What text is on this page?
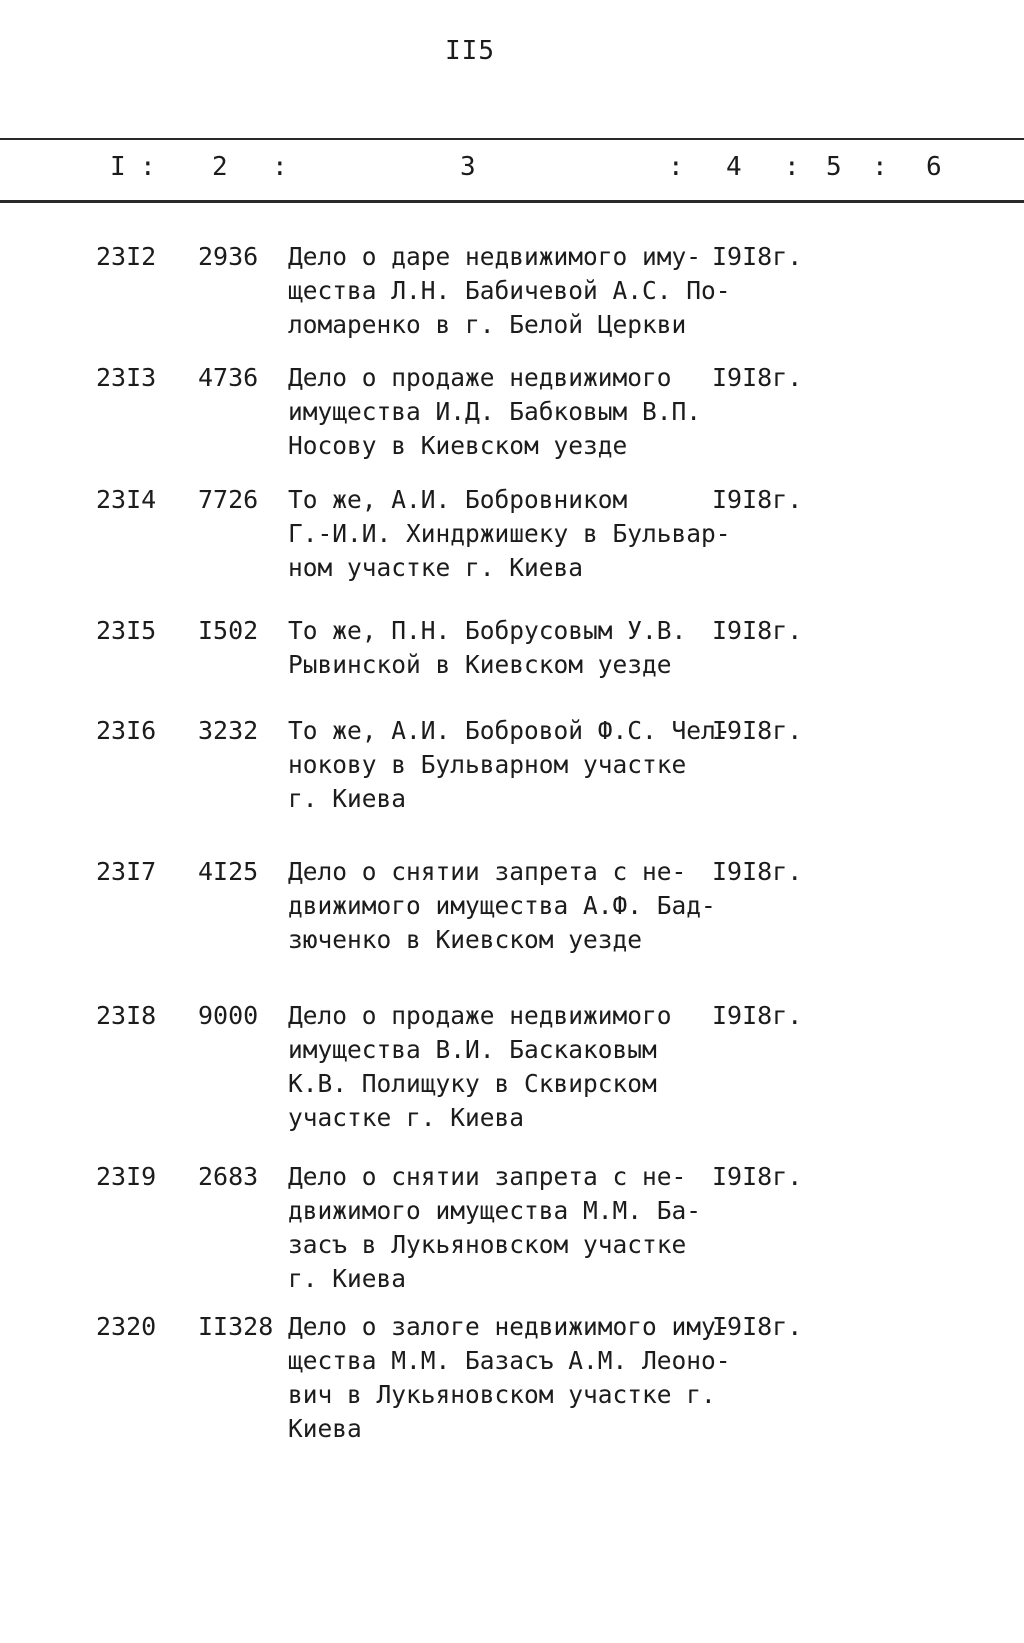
II5
I : 2 :	3	: 4 : 5 : 6
23I2 2936 Дело о даре недвижимого иму-
щества Л.Н. Бабичевой А.С. По-
ломаренко в г. Белой Церкви
I9I8г.
23I3 4736 Дело о продаже недвижимого
имущества И.Д. Бабковым В.П.
Носову в Киевском уезде
I9I8г.
23I4 7726 То же, А.И. Бобровником
Г.-И.И. Хиндржишеку в Бульвар-
ном участке г. Киева
I9I8г.
23I5 I502 То же, П.Н. Бобрусовым У.В.
Рывинской в Киевском уезде
I9I8г.
23I6 3232 То же, А.И. Бобровой Ф.С. Чел-
нокову в Бульварном участке
г. Киева
I9I8г.
23I7 4I25 Дело о снятии запрета с не-
движимого имущества А.Ф. Бад-
зюченко в Киевском уезде
I9I8г.
23I8 9000 Дело о продаже недвижимого
имущества В.И. Баскаковым
К.В. Полищуку в Сквирском
участке г. Киева
I9I8г.
23I9 2683 Дело о снятии запрета с не-
движимого имущества М.М. Ба-
засъ в Лукьяновском участке
г. Киева
I9I8г.
2320 II328 Дело о залоге недвижимого иму-
щества М.М. Базасъ А.М. Леоно-
вич в Лукьяновском участке г.
Киева
I9I8г.
